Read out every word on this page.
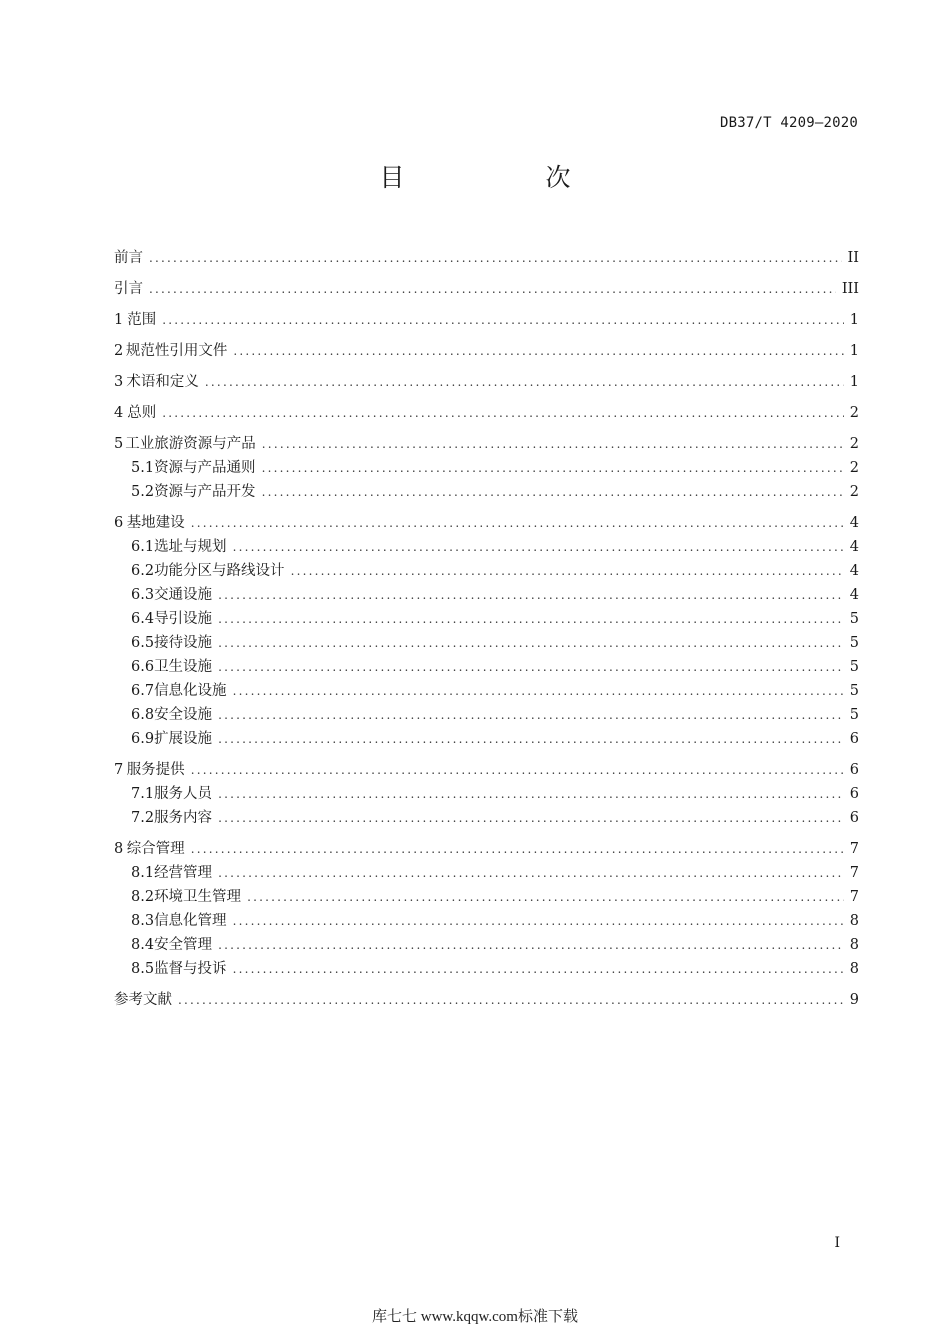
DB37/T 4209—2020
目　次
前言 .....	II
引言 .....	III
1 范围 .....	1
2 规范性引用文件 .....	1
3 术语和定义 .....	1
4 总则 .....	2
5 工业旅游资源与产品 .....	2
5.1 资源与产品通则 .....	2
5.2 资源与产品开发 .....	2
6 基地建设 .....	4
6.1 选址与规划 .....	4
6.2 功能分区与路线设计 .....	4
6.3 交通设施 .....	4
6.4 导引设施 .....	5
6.5 接待设施 .....	5
6.6 卫生设施 .....	5
6.7 信息化设施 .....	5
6.8 安全设施 .....	5
6.9 扩展设施 .....	6
7 服务提供 .....	6
7.1 服务人员 .....	6
7.2 服务内容 .....	6
8 综合管理 .....	7
8.1 经营管理 .....	7
8.2 环境卫生管理 .....	7
8.3 信息化管理 .....	8
8.4 安全管理 .....	8
8.5 监督与投诉 .....	8
参考文献 .....	9
I
库七七 www.kqqw.com标准下载
